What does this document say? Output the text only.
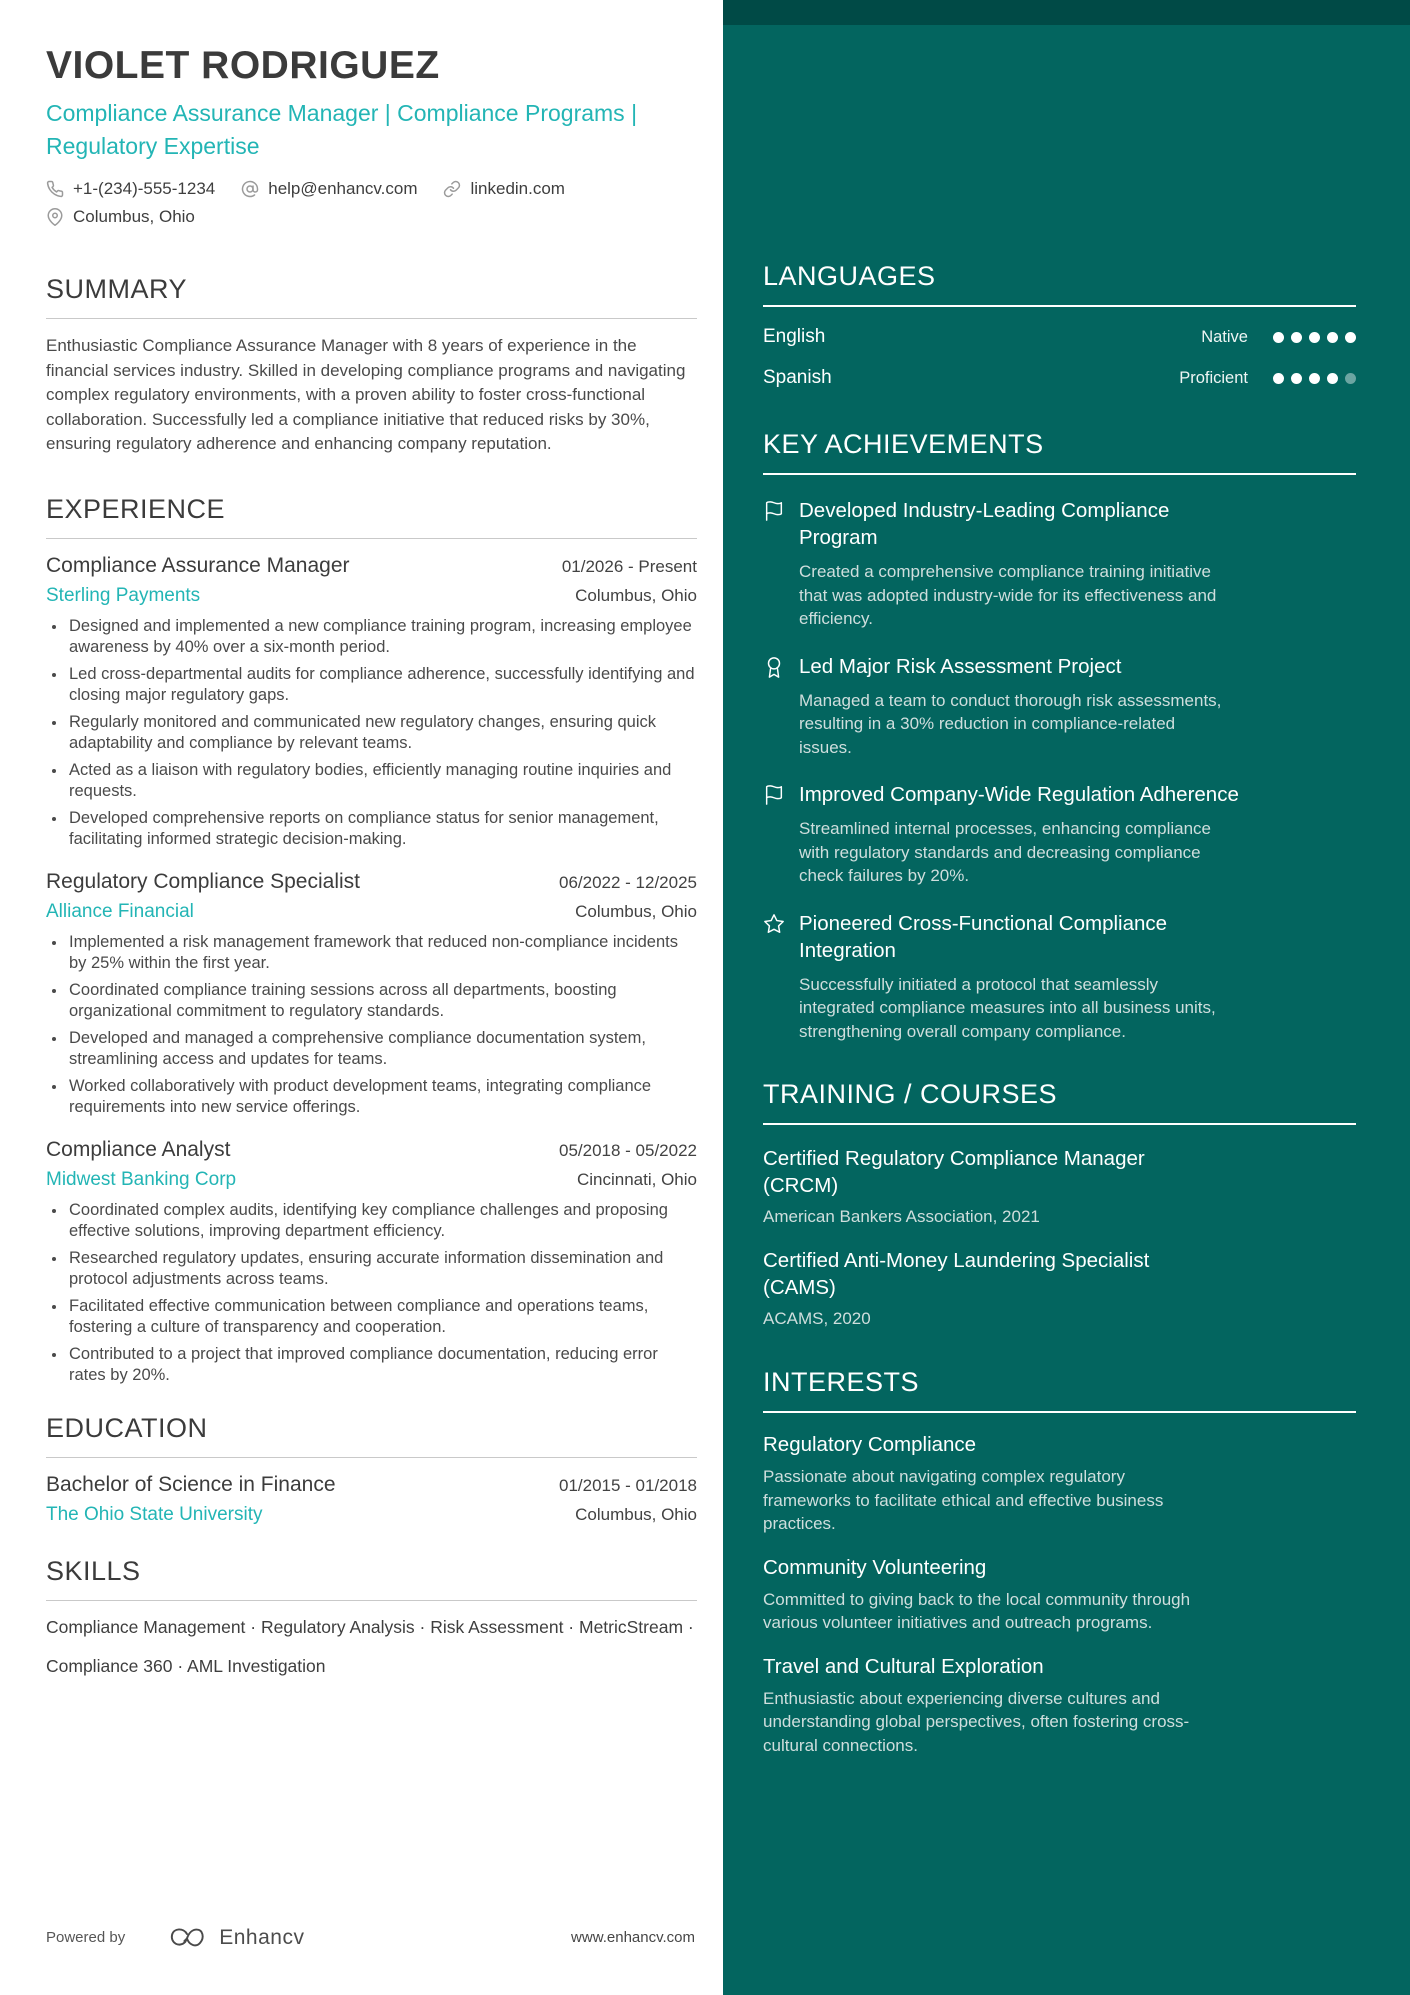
VIOLET RODRIGUEZ
Compliance Assurance Manager | Compliance Programs | Regulatory Expertise
+1-(234)-555-1234	help@enhancv.com	linkedin.com
Columbus, Ohio
SUMMARY

Enthusiastic Compliance Assurance Manager with 8 years of experience in the financial services industry. Skilled in developing compliance programs and navigating complex regulatory environments, with a proven ability to foster cross-functional collaboration. Successfully led a compliance initiative that reduced risks by 30%, ensuring regulatory adherence and enhancing company reputation.

EXPERIENCE
Compliance Assurance Manager	01/2026 - Present
Sterling Payments	Columbus, Ohio
• Designed and implemented a new compliance training program, increasing employee awareness by 40% over a six-month period.
• Led cross-departmental audits for compliance adherence, successfully identifying and closing major regulatory gaps.
• Regularly monitored and communicated new regulatory changes, ensuring quick adaptability and compliance by relevant teams.
• Acted as a liaison with regulatory bodies, efficiently managing routine inquiries and requests.
• Developed comprehensive reports on compliance status for senior management, facilitating informed strategic decision-making.
Regulatory Compliance Specialist	06/2022 - 12/2025
Alliance Financial	Columbus, Ohio
• Implemented a risk management framework that reduced non-compliance incidents by 25% within the first year.
• Coordinated compliance training sessions across all departments, boosting organizational commitment to regulatory standards.
• Developed and managed a comprehensive compliance documentation system, streamlining access and updates for teams.
• Worked collaboratively with product development teams, integrating compliance requirements into new service offerings.
Compliance Analyst	05/2018 - 05/2022
Midwest Banking Corp	Cincinnati, Ohio
• Coordinated complex audits, identifying key compliance challenges and proposing effective solutions, improving department efficiency.
• Researched regulatory updates, ensuring accurate information dissemination and protocol adjustments across teams.
• Facilitated effective communication between compliance and operations teams, fostering a culture of transparency and cooperation.
• Contributed to a project that improved compliance documentation, reducing error rates by 20%.
EDUCATION
Bachelor of Science in Finance	01/2015 - 01/2018
The Ohio State University	Columbus, Ohio
SKILLS

Compliance Management · Regulatory Analysis · Risk Assessment · MetricStream ·

Compliance 360 · AML Investigation

Powered by	Enhancv	www.enhancv.com
LANGUAGES
English	Native
Spanish	Proficient
KEY ACHIEVEMENTS
Developed Industry-Leading Compliance Program
Created a comprehensive compliance training initiative that was adopted industry-wide for its effectiveness and efficiency.
Led Major Risk Assessment Project
Managed a team to conduct thorough risk assessments, resulting in a 30% reduction in compliance-related issues.
Improved Company-Wide Regulation Adherence
Streamlined internal processes, enhancing compliance with regulatory standards and decreasing compliance check failures by 20%.
Pioneered Cross-Functional Compliance Integration
Successfully initiated a protocol that seamlessly integrated compliance measures into all business units, strengthening overall company compliance.
TRAINING / COURSES
Certified Regulatory Compliance Manager (CRCM)
American Bankers Association, 2021
Certified Anti-Money Laundering Specialist (CAMS)
ACAMS, 2020
INTERESTS
Regulatory Compliance
Passionate about navigating complex regulatory frameworks to facilitate ethical and effective business practices.
Community Volunteering
Committed to giving back to the local community through various volunteer initiatives and outreach programs.
Travel and Cultural Exploration
Enthusiastic about experiencing diverse cultures and understanding global perspectives, often fostering cross-cultural connections.
